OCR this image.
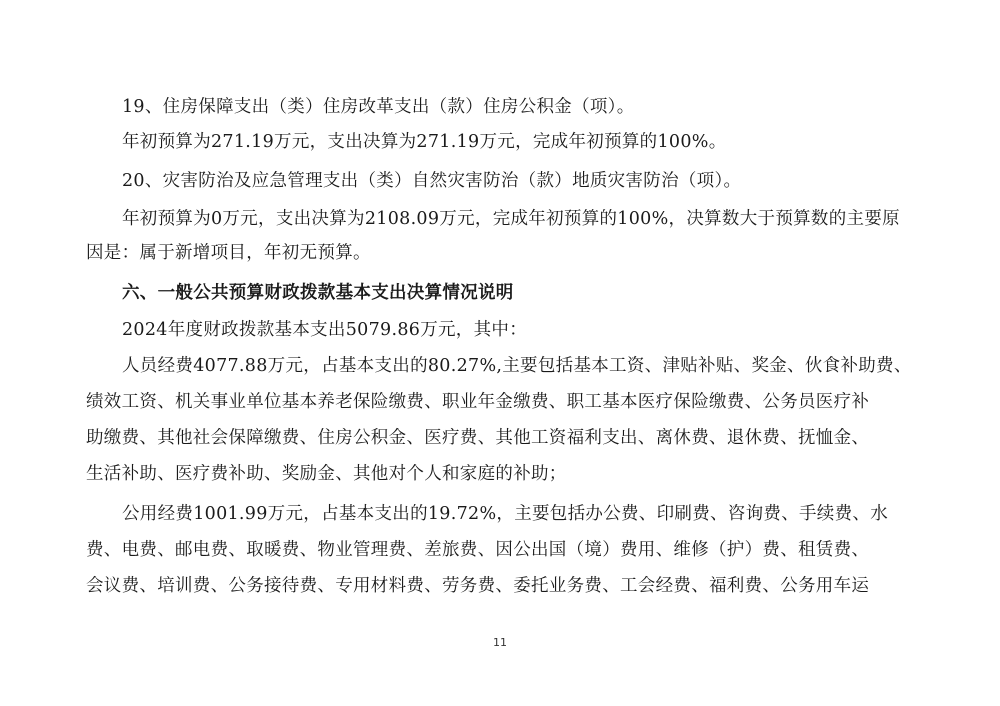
19、住房保障支出（类）住房改革支出（款）住房公积金（项）。
年初预算为271.19万元，支出决算为271.19万元，完成年初预算的100%。
20、灾害防治及应急管理支出（类）自然灾害防治（款）地质灾害防治（项）。
年初预算为0万元，支出决算为2108.09万元，完成年初预算的100%，决算数大于预算数的主要原
因是：属于新增项目，年初无预算。
六、一般公共预算财政拨款基本支出决算情况说明
2024年度财政拨款基本支出5079.86万元，其中：
人员经费4077.88万元，占基本支出的80.27%,主要包括基本工资、津贴补贴、奖金、伙食补助费、
绩效工资、机关事业单位基本养老保险缴费、职业年金缴费、职工基本医疗保险缴费、公务员医疗补
助缴费、其他社会保障缴费、住房公积金、医疗费、其他工资福利支出、离休费、退休费、抚恤金、
生活补助、医疗费补助、奖励金、其他对个人和家庭的补助；
公用经费1001.99万元，占基本支出的19.72%，主要包括办公费、印刷费、咨询费、手续费、水
费、电费、邮电费、取暖费、物业管理费、差旅费、因公出国（境）费用、维修（护）费、租赁费、
会议费、培训费、公务接待费、专用材料费、劳务费、委托业务费、工会经费、福利费、公务用车运
11
